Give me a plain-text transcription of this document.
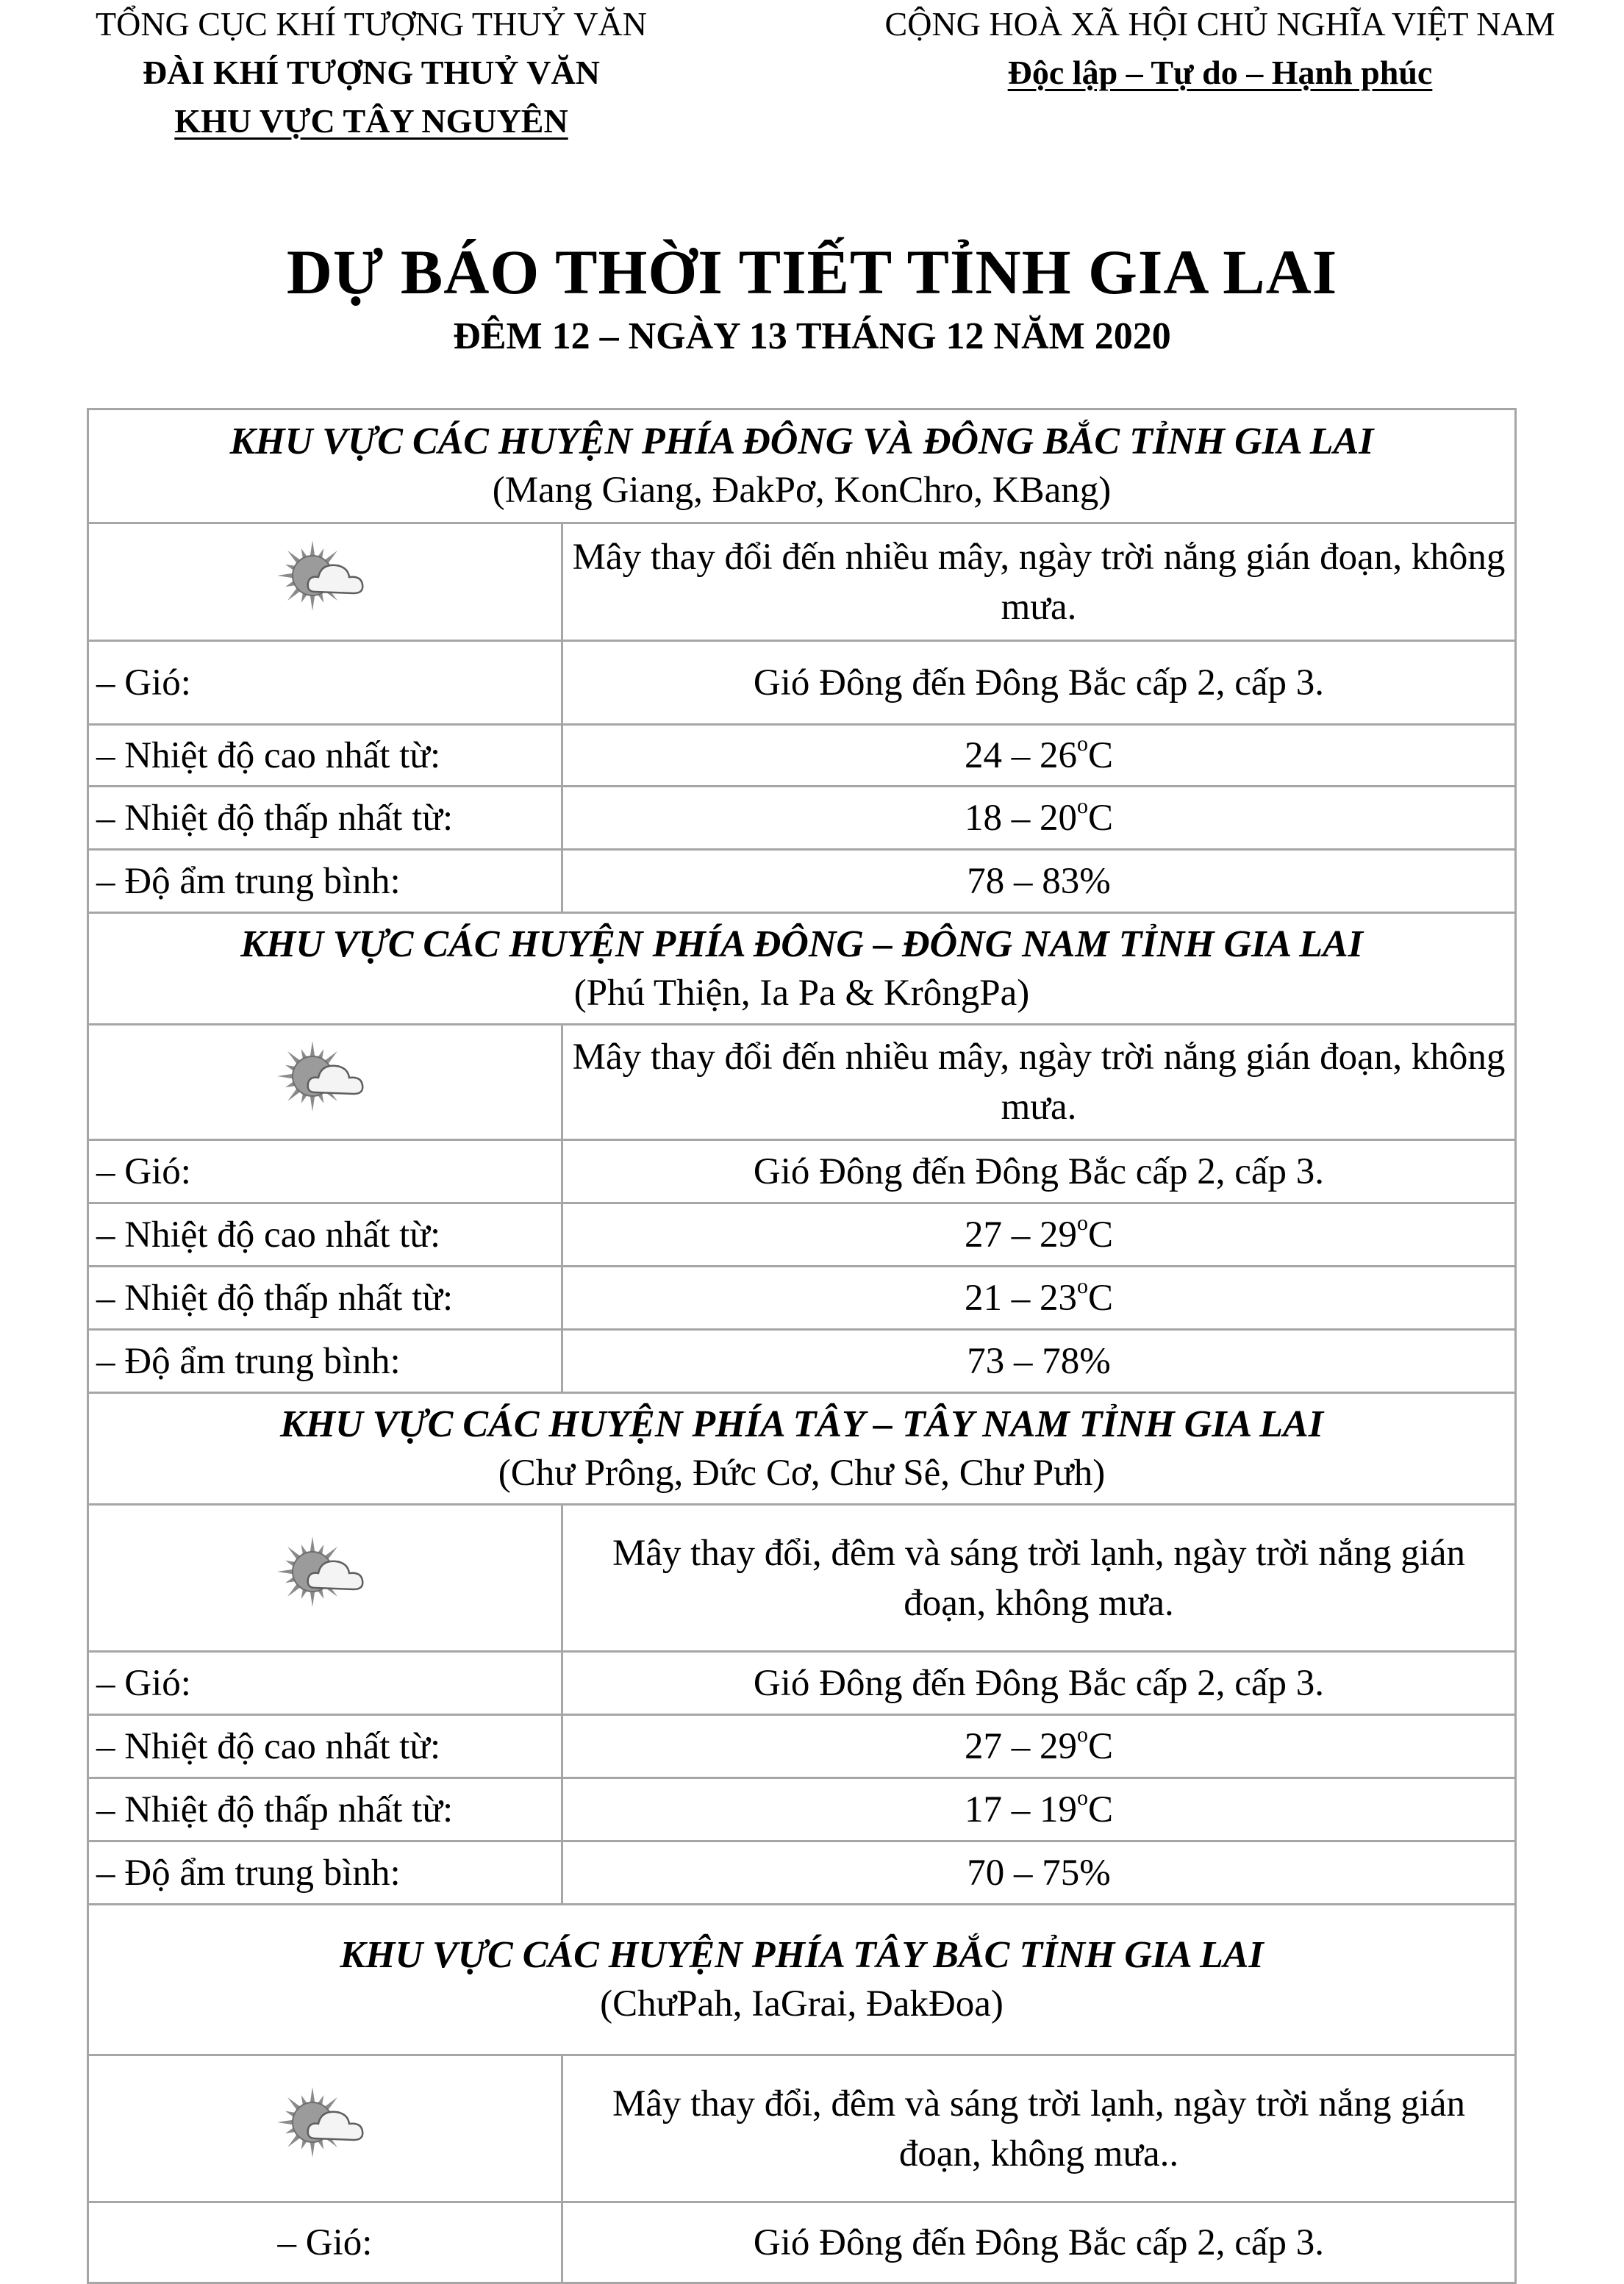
TỔNG CỤC KHÍ TƯỢNG THUỶ VĂN
ĐÀI KHÍ TƯỢNG THUỶ VĂN
KHU VỰC TÂY NGUYÊN
CỘNG HOÀ XÃ HỘI CHỦ NGHĨA VIỆT NAM
Độc lập – Tự do – Hạnh phúc
DỰ BÁO THỜI TIẾT TỈNH GIA LAI
ĐÊM 12 – NGÀY 13 THÁNG 12 NĂM 2020
KHU VỰC CÁC HUYỆN PHÍA ĐÔNG VÀ ĐÔNG BẮC TỈNH GIA LAI
(Mang Giang, ĐakPơ, KonChro, KBang)	

	Mây thay đổi đến nhiều mây, ngày trời nắng gián đoạn, không mưa.
– Gió:	Gió Đông đến Đông Bắc cấp 2, cấp 3.
– Nhiệt độ cao nhất từ:	24 – 26$^o$C
– Nhiệt độ thấp nhất từ:	18 – 20$^o$C
– Độ ẩm trung bình:	78 – 83%

KHU VỰC CÁC HUYỆN PHÍA ĐÔNG – ĐÔNG NAM TỈNH GIA LAI
(Phú Thiện, Ia Pa & KrôngPa)	

	Mây thay đổi đến nhiều mây, ngày trời nắng gián đoạn, không mưa.
– Gió:	Gió Đông đến Đông Bắc cấp 2, cấp 3.
– Nhiệt độ cao nhất từ:	27 – 29$^o$C
– Nhiệt độ thấp nhất từ:	21 – 23$^o$C
– Độ ẩm trung bình:	73 – 78%

KHU VỰC CÁC HUYỆN PHÍA TÂY – TÂY NAM TỈNH GIA LAI
(Chư Prông, Đức Cơ, Chư Sê, Chư Pưh)	

	Mây thay đổi, đêm và sáng trời lạnh, ngày trời nắng gián đoạn, không mưa.
– Gió:	Gió Đông đến Đông Bắc cấp 2, cấp 3.
– Nhiệt độ cao nhất từ:	27 – 29$^o$C
– Nhiệt độ thấp nhất từ:	17 – 19$^o$C
– Độ ẩm trung bình:	70 – 75%

KHU VỰC CÁC HUYỆN PHÍA TÂY BẮC TỈNH GIA LAI
(ChưPah, IaGrai, ĐakĐoa)	

	Mây thay đổi, đêm và sáng trời lạnh, ngày trời nắng gián đoạn, không mưa..
– Gió:	Gió Đông đến Đông Bắc cấp 2, cấp 3.
